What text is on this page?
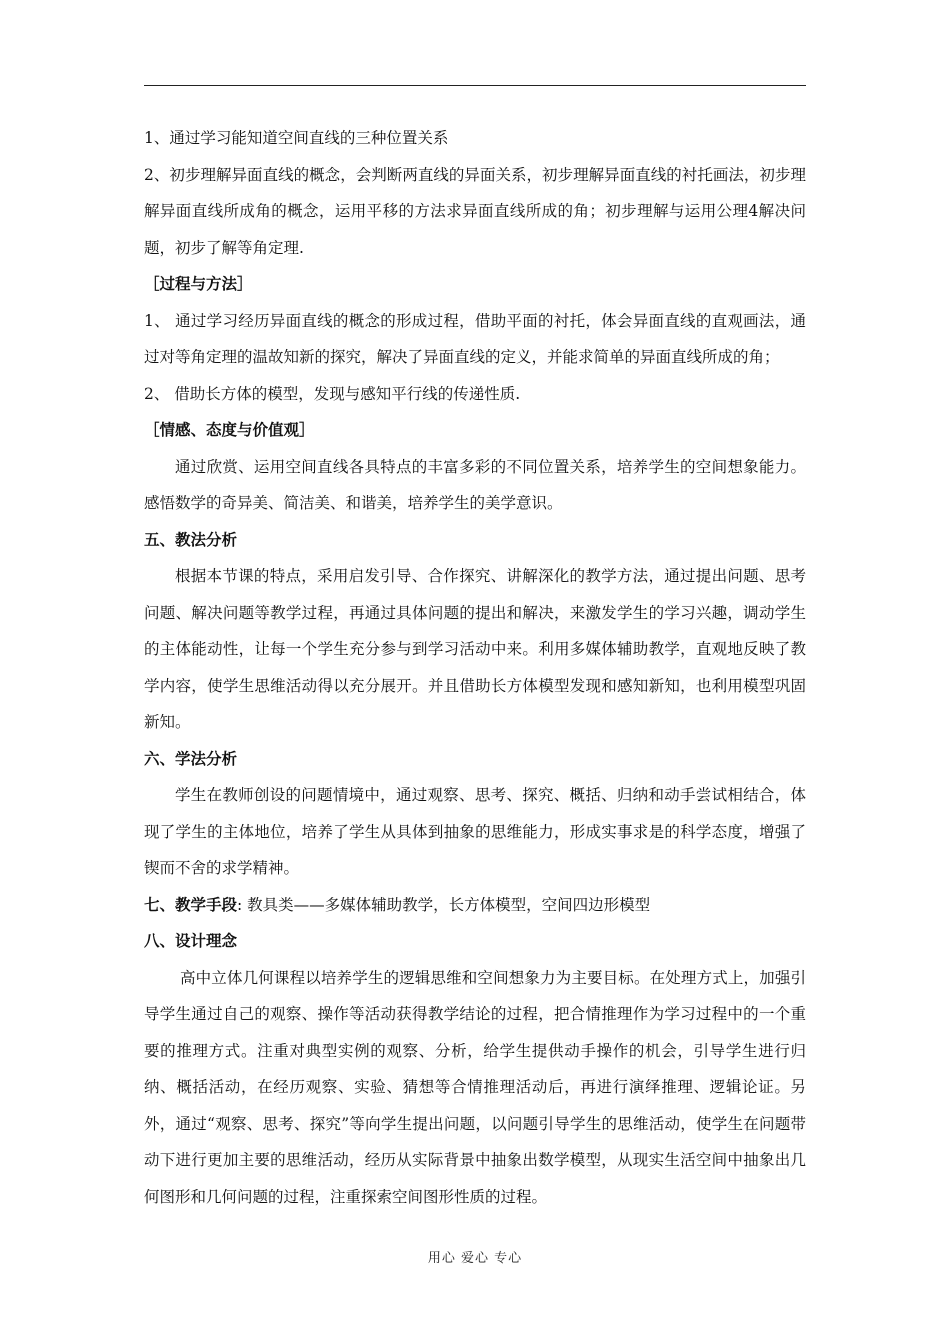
1、通过学习能知道空间直线的三种位置关系

2、初步理解异面直线的概念，会判断两直线的异面关系，初步理解异面直线的衬托画法，初步理解异面直线所成角的概念，运用平移的方法求异面直线所成的角；初步理解与运用公理4解决问题，初步了解等角定理.

［过程与方法］

1、 通过学习经历异面直线的概念的形成过程，借助平面的衬托，体会异面直线的直观画法，通过对等角定理的温故知新的探究，解决了异面直线的定义，并能求简单的异面直线所成的角；

2、 借助长方体的模型，发现与感知平行线的传递性质.

［情感、态度与价值观］

通过欣赏、运用空间直线各具特点的丰富多彩的不同位置关系，培养学生的空间想象能力。感悟数学的奇异美、简洁美、和谐美，培养学生的美学意识。

五、教法分析

根据本节课的特点，采用启发引导、合作探究、讲解深化的教学方法，通过提出问题、思考问题、解决问题等教学过程，再通过具体问题的提出和解决，来激发学生的学习兴趣，调动学生的主体能动性，让每一个学生充分参与到学习活动中来。利用多媒体辅助教学，直观地反映了教学内容，使学生思维活动得以充分展开。并且借助长方体模型发现和感知新知，也利用模型巩固新知。

六、学法分析

学生在教师创设的问题情境中，通过观察、思考、探究、概括、归纳和动手尝试相结合，体现了学生的主体地位，培养了学生从具体到抽象的思维能力，形成实事求是的科学态度，增强了锲而不舍的求学精神。

七、教学手段: 教具类——多媒体辅助教学，长方体模型，空间四边形模型

八、设计理念

高中立体几何课程以培养学生的逻辑思维和空间想象力为主要目标。在处理方式上，加强引导学生通过自己的观察、操作等活动获得教学结论的过程，把合情推理作为学习过程中的一个重要的推理方式。注重对典型实例的观察、分析，给学生提供动手操作的机会，引导学生进行归纳、概括活动，在经历观察、实验、猜想等合情推理活动后，再进行演绎推理、逻辑论证。另外，通过“观察、思考、探究”等向学生提出问题，以问题引导学生的思维活动，使学生在问题带动下进行更加主要的思维活动，经历从实际背景中抽象出数学模型，从现实生活空间中抽象出几何图形和几何问题的过程，注重探索空间图形性质的过程。

用心 爱心 专心
